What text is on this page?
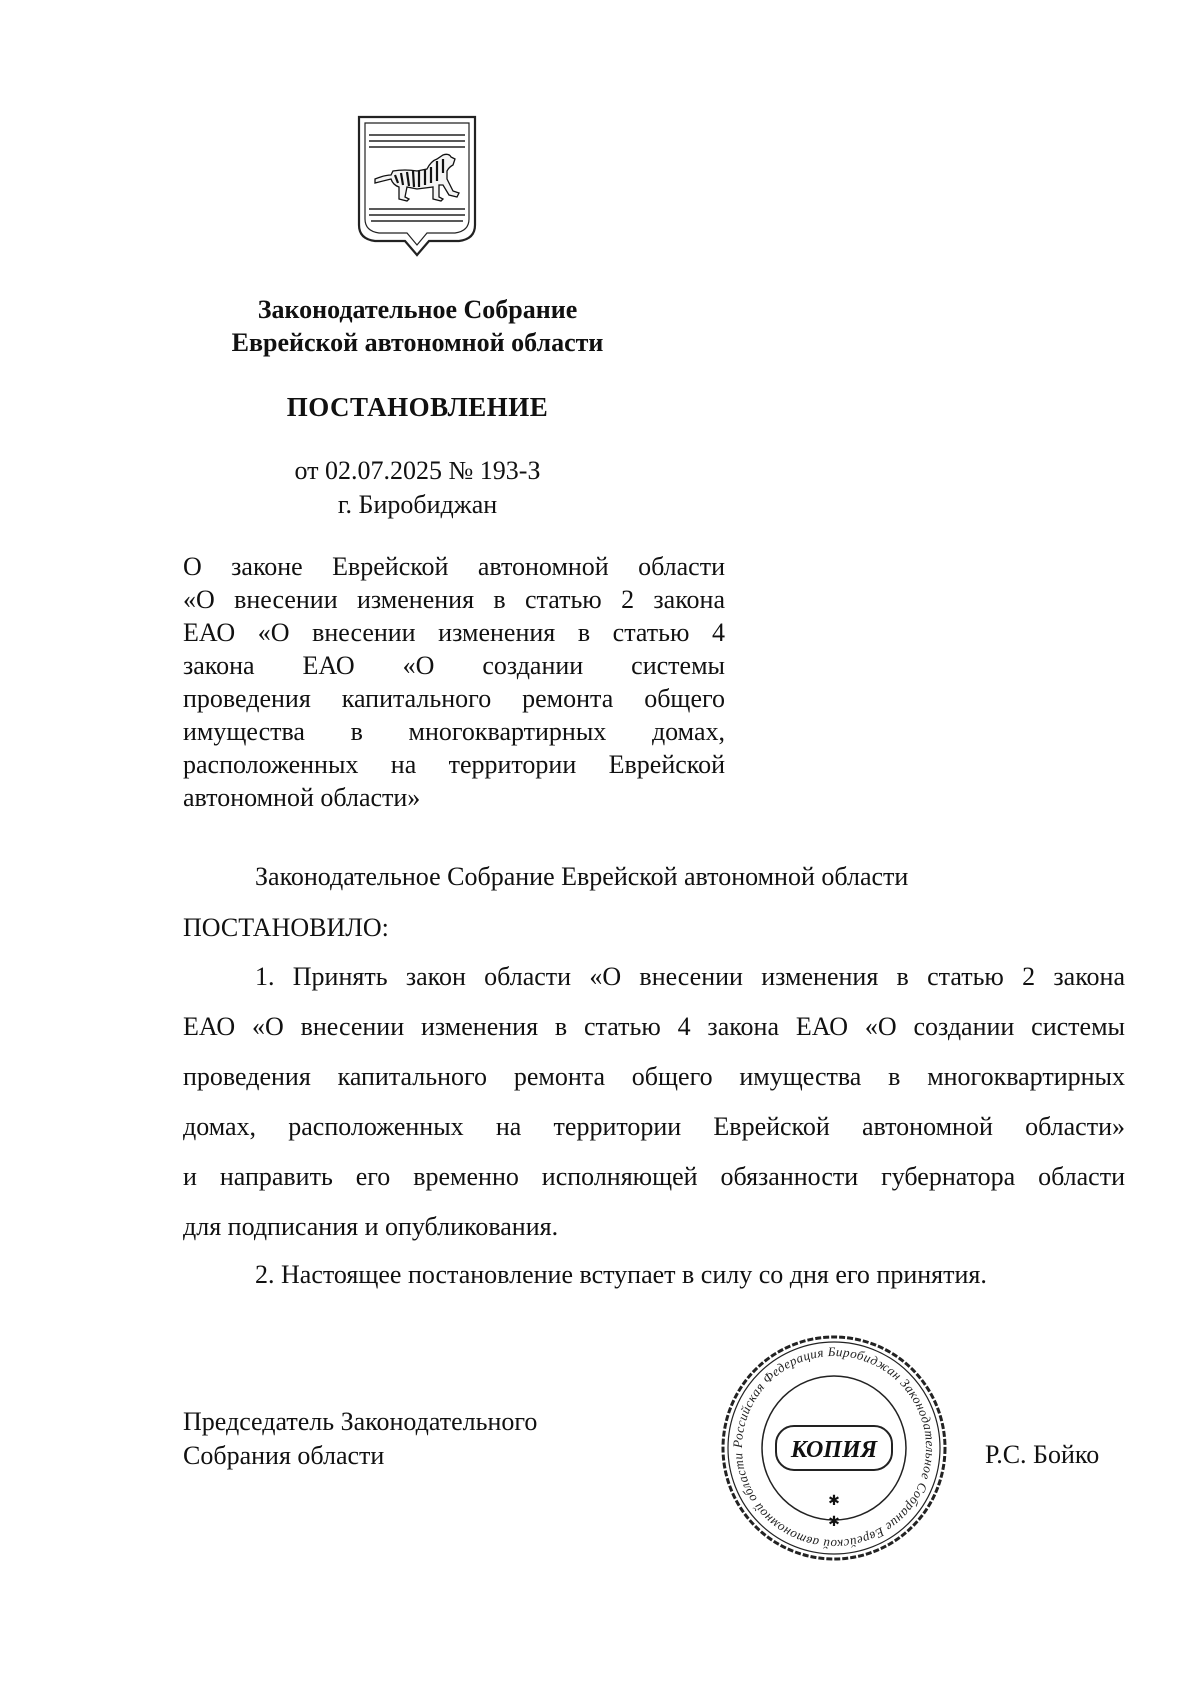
Законодательное Собрание
Еврейской автономной области
ПОСТАНОВЛЕНИЕ
от 02.07.2025 № 193-З
г. Биробиджан
О законе Еврейской автономной области
«О внесении изменения в статью 2 закона
ЕАО «О внесении изменения в статью 4
закона ЕАО «О создании системы
проведения капитального ремонта общего
имущества в многоквартирных домах,
расположенных на территории Еврейской
автономной области»
Законодательное Собрание Еврейской автономной области
ПОСТАНОВИЛО:
1. Принять закон области «О внесении изменения в статью 2 закона
ЕАО «О внесении изменения в статью 4 закона ЕАО «О создании системы
проведения капитального ремонта общего имущества в многоквартирных
домах, расположенных на территории Еврейской автономной области»
и направить его временно исполняющей обязанности губернатора области
для подписания и опубликования.
2. Настоящее постановление вступает в силу со дня его принятия.
Председатель Законодательного
Собрания области	Р.С. Бойко
Российская Федерация Биробиджан Законодательное Собрание Еврейской автономной области	КОПИЯ
✱
✱
